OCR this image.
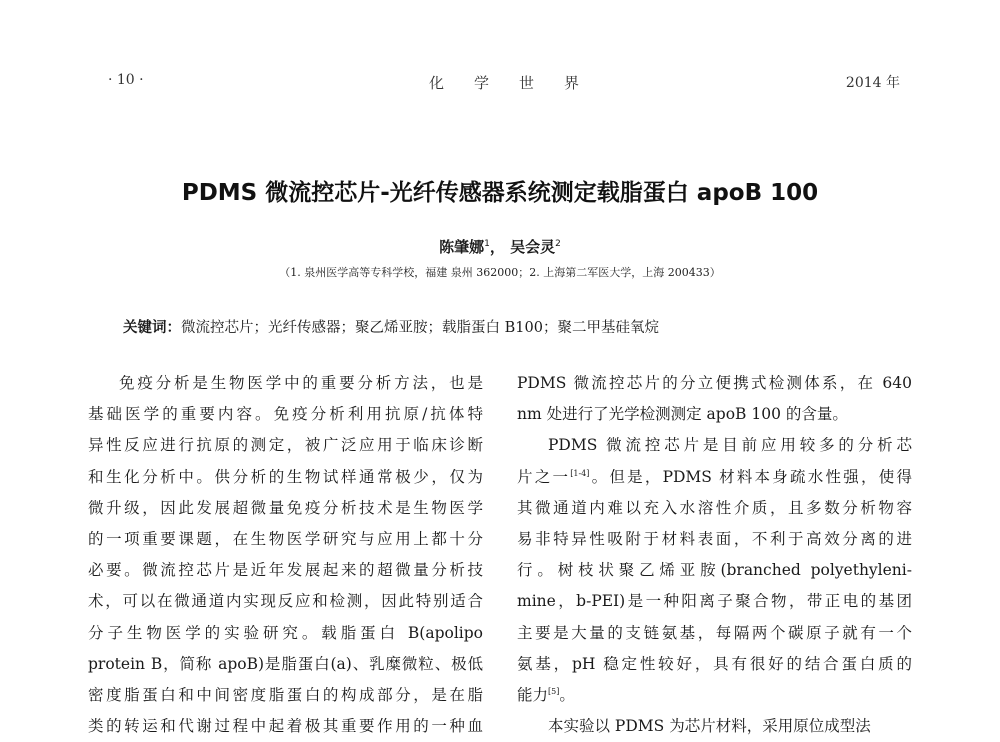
· 10 ·	化学世界	2014 年
PDMS 微流控芯片-光纤传感器系统测定载脂蛋白 apoB 100
陈肇娜$^1$， 吴会灵$^2$
（1. 泉州医学高等专科学校，福建 泉州 362000；2. 上海第二军医大学，上海 200433）
关键词：微流控芯片；光纤传感器；聚乙烯亚胺；载脂蛋白 B100；聚二甲基硅氧烷
免疫分析是生物医学中的重要分析方法，也是
基础医学的重要内容。免疫分析利用抗原/抗体特
异性反应进行抗原的测定，被广泛应用于临床诊断
和生化分析中。供分析的生物试样通常极少，仅为
微升级，因此发展超微量免疫分析技术是生物医学
的一项重要课题，在生物医学研究与应用上都十分
必要。微流控芯片是近年发展起来的超微量分析技
术，可以在微通道内实现反应和检测，因此特别适合
分子生物医学的实验研究。载脂蛋白 B(apolipo
protein B，简称 apoB)是脂蛋白(a)、乳糜微粒、极低
密度脂蛋白和中间密度脂蛋白的构成部分，是在脂
类的转运和代谢过程中起着极其重要作用的一种血
PDMS 微流控芯片的分立便携式检测体系，在 640
nm 处进行了光学检测测定 apoB 100 的含量。
PDMS 微流控芯片是目前应用较多的分析芯
片之一[1-4]。但是，PDMS 材料本身疏水性强，使得
其微通道内难以充入水溶性介质，且多数分析物容
易非特异性吸附于材料表面，不利于高效分离的进
行。树枝状聚乙烯亚胺(branched polyethyleni-
mine，b-PEI)是一种阳离子聚合物，带正电的基团
主要是大量的支链氨基，每隔两个碳原子就有一个
氨基，pH 稳定性较好，具有很好的结合蛋白质的
能力[5]。
本实验以 PDMS 为芯片材料，采用原位成型法
